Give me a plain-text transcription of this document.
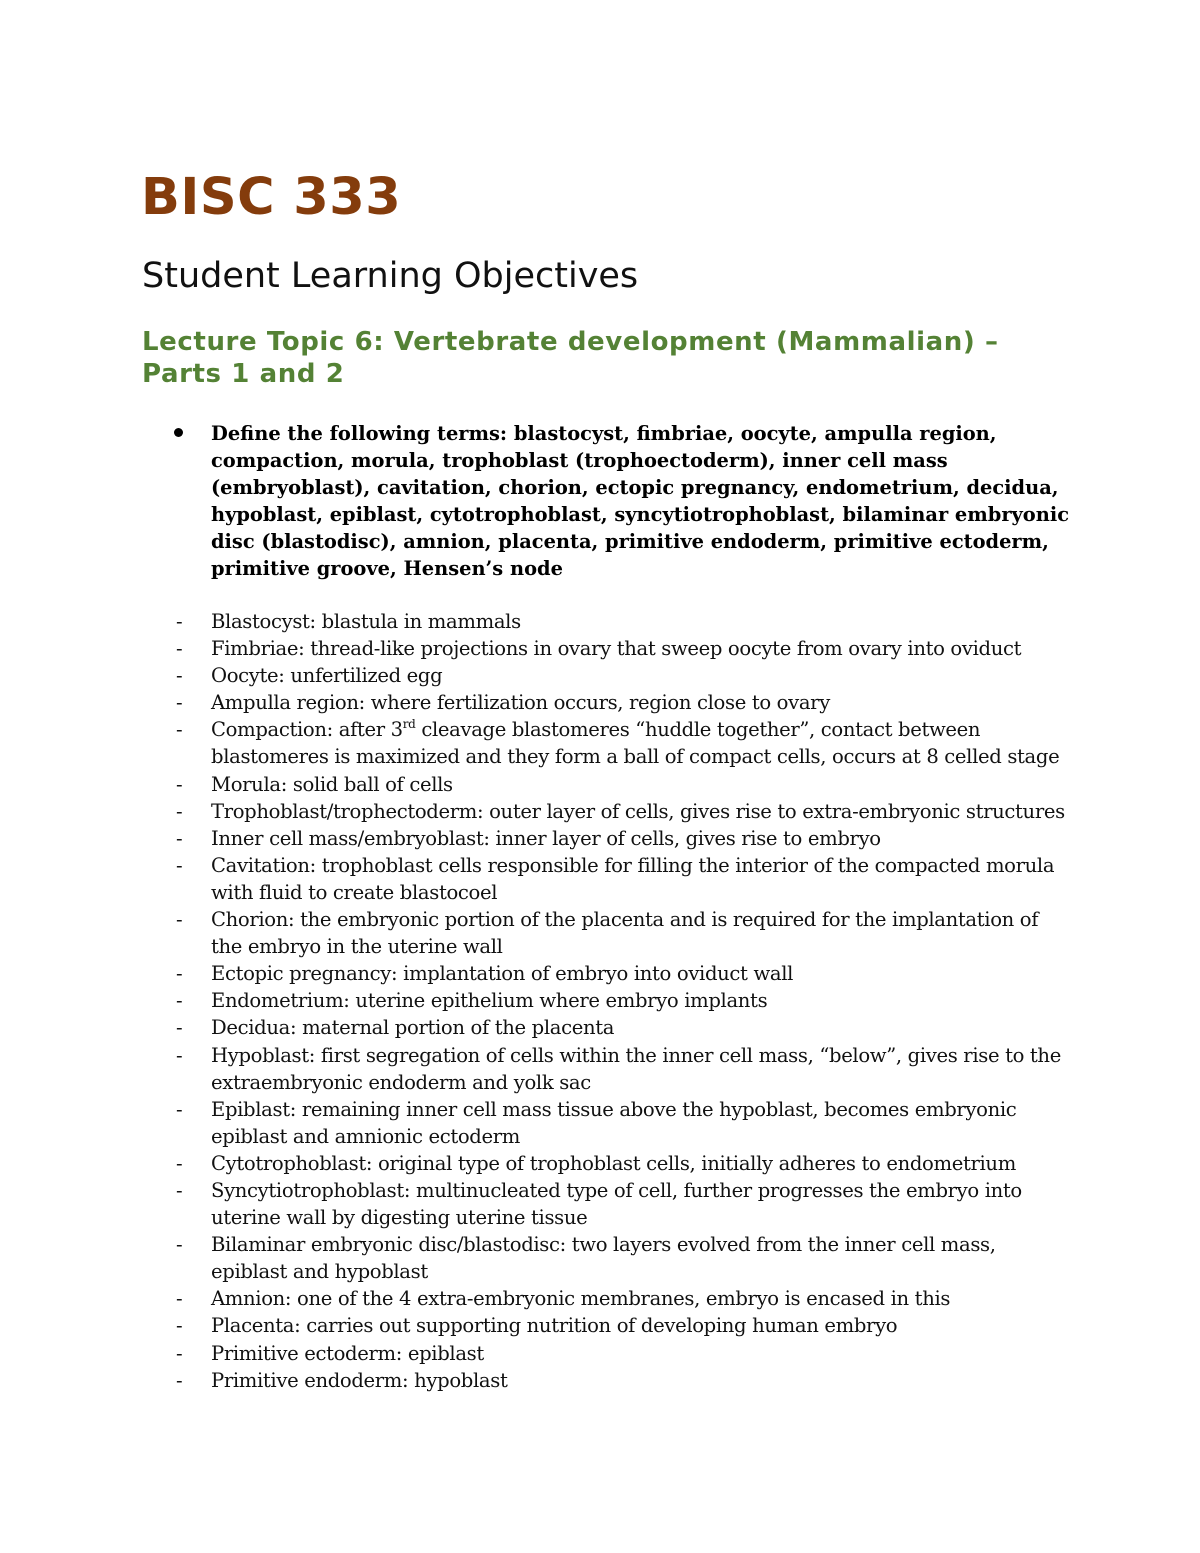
BISC 333
Student Learning Objectives
Lecture Topic 6: Vertebrate development (Mammalian) – Parts 1 and 2

Define the following terms: blastocyst, fimbriae, oocyte, ampulla region, compaction, morula, trophoblast (trophoectoderm), inner cell mass (embryoblast), cavitation, chorion, ectopic pregnancy, endometrium, decidua, hypoblast, epiblast, cytotrophoblast, syncytiotrophoblast, bilaminar embryonic disc (blastodisc), amnion, placenta, primitive endoderm, primitive ectoderm, primitive groove, Hensen’s node

- Blastocyst: blastula in mammals
- Fimbriae: thread-like projections in ovary that sweep oocyte from ovary into oviduct
- Oocyte: unfertilized egg
- Ampulla region: where fertilization occurs, region close to ovary
- Compaction: after 3rd cleavage blastomeres “huddle together”, contact between blastomeres is maximized and they form a ball of compact cells, occurs at 8 celled stage
- Morula: solid ball of cells
- Trophoblast/trophectoderm: outer layer of cells, gives rise to extra-embryonic structures
- Inner cell mass/embryoblast: inner layer of cells, gives rise to embryo
- Cavitation: trophoblast cells responsible for filling the interior of the compacted morula with fluid to create blastocoel
- Chorion: the embryonic portion of the placenta and is required for the implantation of the embryo in the uterine wall
- Ectopic pregnancy: implantation of embryo into oviduct wall
- Endometrium: uterine epithelium where embryo implants
- Decidua: maternal portion of the placenta
- Hypoblast: first segregation of cells within the inner cell mass, “below”, gives rise to the extraembryonic endoderm and yolk sac
- Epiblast: remaining inner cell mass tissue above the hypoblast, becomes embryonic epiblast and amnionic ectoderm
- Cytotrophoblast: original type of trophoblast cells, initially adheres to endometrium
- Syncytiotrophoblast: multinucleated type of cell, further progresses the embryo into uterine wall by digesting uterine tissue
- Bilaminar embryonic disc/blastodisc: two layers evolved from the inner cell mass, epiblast and hypoblast
- Amnion: one of the 4 extra-embryonic membranes, embryo is encased in this
- Placenta: carries out supporting nutrition of developing human embryo
- Primitive ectoderm: epiblast
- Primitive endoderm: hypoblast
